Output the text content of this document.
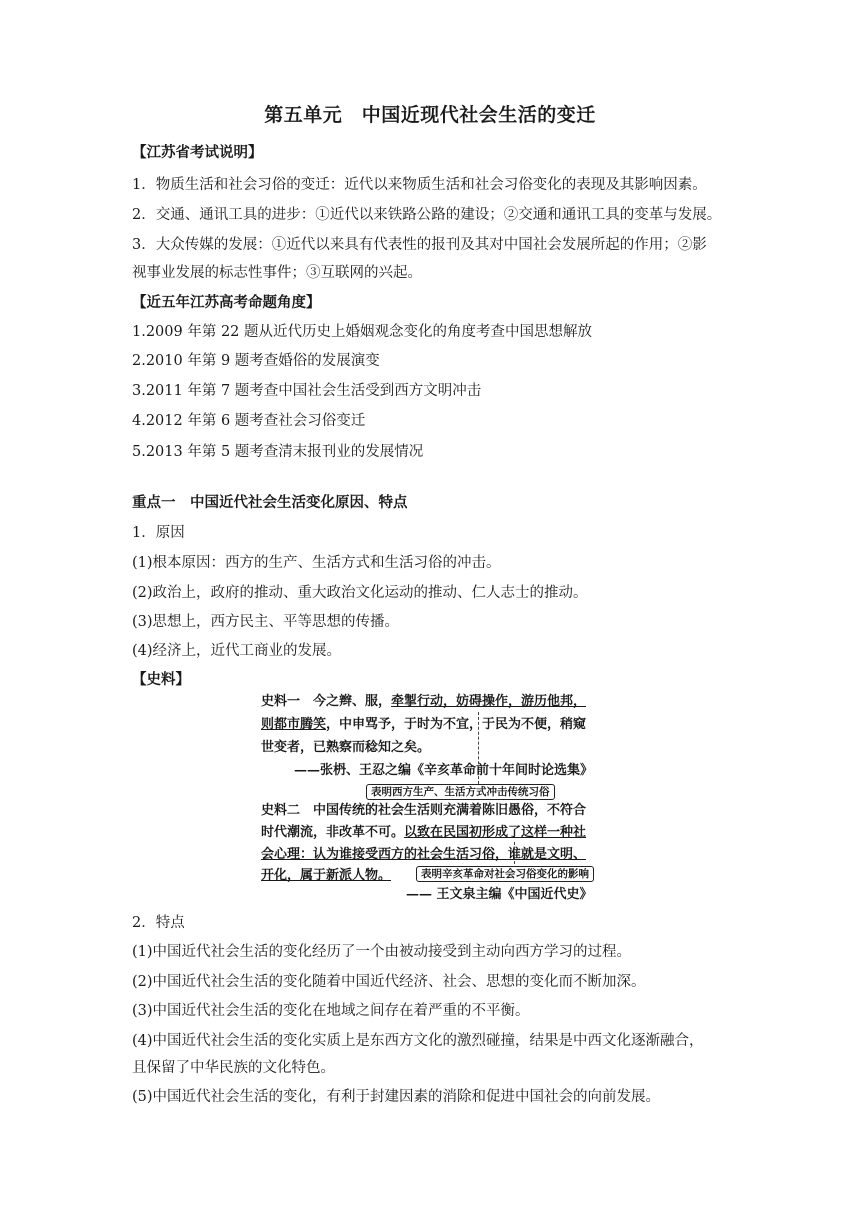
第五单元　中国近现代社会生活的变迁
【江苏省考试说明】
1．物质生活和社会习俗的变迁：近代以来物质生活和社会习俗变化的表现及其影响因素。
2．交通、通讯工具的进步：①近代以来铁路公路的建设；②交通和通讯工具的变革与发展。
3．大众传媒的发展：①近代以来具有代表性的报刊及其对中国社会发展所起的作用；②影
视事业发展的标志性事件；③互联网的兴起。
【近五年江苏高考命题角度】
1.2009 年第 22 题从近代历史上婚姻观念变化的角度考查中国思想解放
2.2010 年第 9 题考查婚俗的发展演变
3.2011 年第 7 题考查中国社会生活受到西方文明冲击
4.2012 年第 6 题考查社会习俗变迁
5.2013 年第 5 题考查清末报刊业的发展情况
重点一　中国近代社会生活变化原因、特点
1．原因
(1)根本原因：西方的生产、生活方式和生活习俗的冲击。
(2)政治上，政府的推动、重大政治文化运动的推动、仁人志士的推动。
(3)思想上，西方民主、平等思想的传播。
(4)经济上，近代工商业的发展。
【史料】
史料一　今之辫、服，牵掣行动，妨碍操作，游历他邦，
则都市腾笑，中申骂予，于时为不宜，于民为不便，稍窥
世变者，已熟察而稔知之矣。
——张枬、王忍之编《辛亥革命前十年间时论选集》
表明西方生产、生活方式冲击传统习俗
史料二　中国传统的社会生活则充满着陈旧愚俗，不符合
时代潮流，非改革不可。以致在民国初形成了这样一种社
会心理：认为谁接受西方的社会生活习俗，谁就是文明、
开化，属于新派人物。	表明辛亥革命对社会习俗变化的影响
—— 王文泉主编《中国近代史》
2．特点
(1)中国近代社会生活的变化经历了一个由被动接受到主动向西方学习的过程。
(2)中国近代社会生活的变化随着中国近代经济、社会、思想的变化而不断加深。
(3)中国近代社会生活的变化在地域之间存在着严重的不平衡。
(4)中国近代社会生活的变化实质上是东西方文化的激烈碰撞，结果是中西文化逐渐融合，
且保留了中华民族的文化特色。
(5)中国近代社会生活的变化，有利于封建因素的消除和促进中国社会的向前发展。
